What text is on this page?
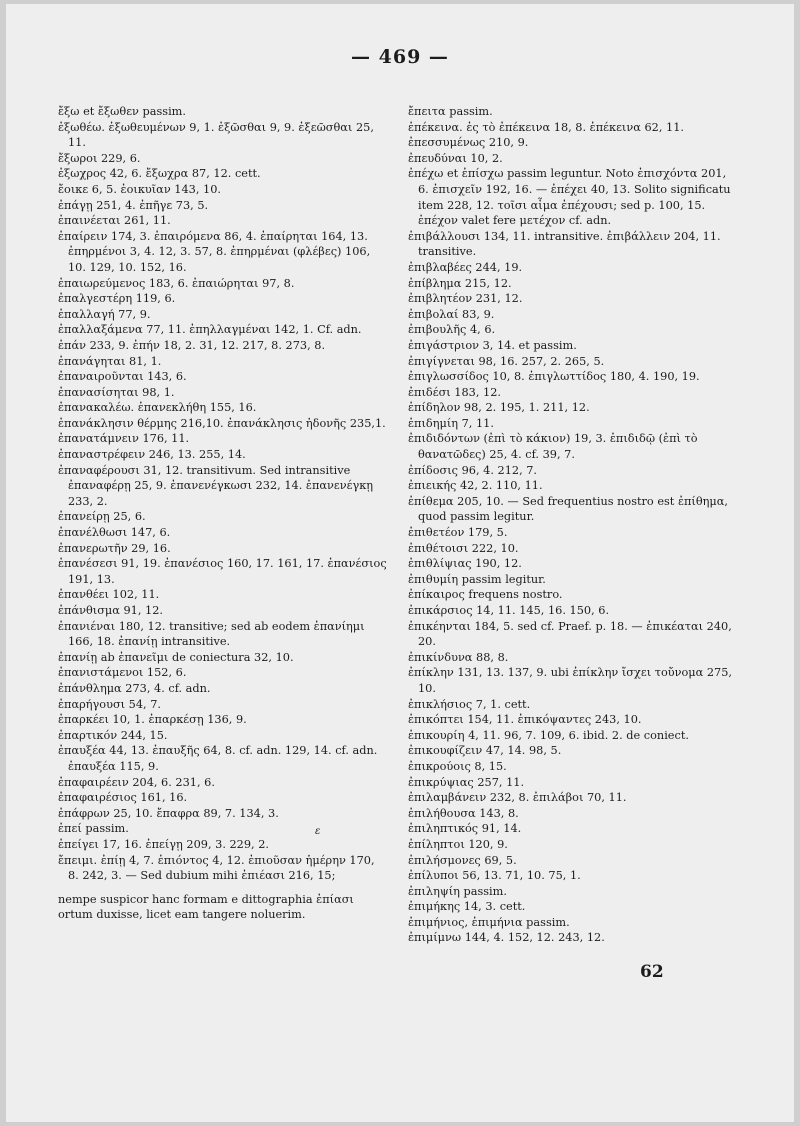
— 469 —
ἔξω et ἔξωθεν passim.
ἐξωθέω. ἐξωθευμένων 9, 1. ἐξῶσθαι 9, 9. ἐξεῶσθαι 25, 11.
ἔξωροι 229, 6.
ἐξωχρος 42, 6. ἔξωχρα 87, 12. cett.
ἔοικε 6, 5. ἐοικυῖαν 143, 10.
ἐπάγῃ 251, 4. ἐπῆγε 73, 5.
ἐπαινέεται 261, 11.
ἐπαίρειν 174, 3. ἐπαιρόμενα 86, 4. ἐπαίρηται 164, 13. ἐπηρμένοι 3, 4. 12, 3. 57, 8. ἐπηρμέναι (φλέβες) 106, 10. 129, 10. 152, 16.
ἐπαιωρεύμενος 183, 6. ἐπαιώρηται 97, 8.
ἐπαλγεστέρη 119, 6.
ἐπαλλαγή 77, 9.
ἐπαλλαξάμενα 77, 11. ἐπηλλαγμέναι 142, 1. Cf. adn.
ἐπάν 233, 9. ἐπήν 18, 2. 31, 12. 217, 8. 273, 8.
ἐπανάγηται 81, 1.
ἐπαναιροῦνται 143, 6.
ἐπανασίσηται 98, 1.
ἐπανακαλέω. ἐπανεκλήθη 155, 16.
ἐπανάκλησιν θέρμης 216,10. ἐπανάκλησις ἡδονῆς 235,1.
ἐπανατάμνειν 176, 11.
ἐπαναστρέφειν 246, 13. 255, 14.
ἐπαναφέρουσι 31, 12. transitivum. Sed intransitive ἐπαναφέρῃ 25, 9. ἐπανενέγκωσι 232, 14. ἐπανενέγκῃ 233, 2.
ἐπανείρῃ 25, 6.
ἐπανέλθωσι 147, 6.
ἐπανερωτῆν 29, 16.
ἐπανέσεσι 91, 19. ἐπανέσιος 160, 17. 161, 17. ἐπανέσιος 191, 13.
ἐπανθέει 102, 11.
ἐπάνθισμα 91, 12.
ἐπανιέναι 180, 12. transitive; sed ab eodem ἐπανίημι 166, 18. ἐπανίῃ intransitive.
ἐπανίῃ ab ἐπανεῖμι de coniectura 32, 10.
ἐπανιστάμενοι 152, 6.
ἐπάνθλημα 273, 4. cf. adn.
ἐπαρήγουσι 54, 7.
ἐπαρκέει 10, 1. ἐπαρκέσῃ 136, 9.
ἐπαρτικόν 244, 15.
ἐπαυξέα 44, 13. ἐπαυξῆς 64, 8. cf. adn. 129, 14. cf. adn. ἐπαυξέα 115, 9.
ἐπαφαιρέειν 204, 6. 231, 6.
ἐπαφαιρέσιος 161, 16.
ἐπάφρων 25, 10. ἔπαφρα 89, 7. 134, 3.
ἐπεί passim.
ἐπείγει 17, 16. ἐπείγῃ 209, 3. 229, 2.
ἔπειμι. ἐπίῃ 4, 7. ἐπιόντος 4, 12. ἐπιοῦσαν ἡμέρην 170, 8. 242, 3. — Sed dubium mihi ἐπιέασι 216, 15;
nempe suspicor hanc formam e dittographia ἐπίασι ortum duxisse, licet eam tangere noluerim.
ἔπειτα passim.
ἐπέκεινα. ἐς τὸ ἐπέκεινα 18, 8. ἐπέκεινα 62, 11.
ἐπεσσυμένως 210, 9.
ἐπευδύναι 10, 2.
ἐπέχω et ἐπίσχω passim leguntur. Noto ἐπισχόντα 201, 6. ἐπισχεῖν 192, 16. — ἐπέχει 40, 13. Solito significatu item 228, 12. τοῖσι αἷμα ἐπέχουσι; sed p. 100, 15. ἐπέχον valet fere μετέχον cf. adn.
ἐπιβάλλουσι 134, 11. intransitive. ἐπιβάλλειν 204, 11. transitive.
ἐπιβλαβέες 244, 19.
ἐπίβλημα 215, 12.
ἐπιβλητέον 231, 12.
ἐπιβολαί 83, 9.
ἐπιβουλῆς 4, 6.
ἐπιγάστριον 3, 14. et passim.
ἐπιγίγνεται 98, 16. 257, 2. 265, 5.
ἐπιγλωσσίδος 10, 8. ἐπιγλωττίδος 180, 4. 190, 19.
ἐπιδέσι 183, 12.
ἐπίδηλον 98, 2. 195, 1. 211, 12.
ἐπιδημίη 7, 11.
ἐπιδιδόντων (ἐπὶ τὸ κάκιον) 19, 3. ἐπιδιδῷ (ἐπὶ τὸ θανατῶδες) 25, 4. cf. 39, 7.
ἐπίδοσις 96, 4. 212, 7.
ἐπιεικής 42, 2. 110, 11.
ἐπίθεμα 205, 10. — Sed frequentius nostro est ἐπίθημα, quod passim legitur.
ἐπιθετέον 179, 5.
ἐπιθέτοισι 222, 10.
ἐπιθλίψιας 190, 12.
ἐπιθυμίη passim legitur.
ἐπίκαιρος frequens nostro.
ἐπικάρσιος 14, 11. 145, 16. 150, 6.
ἐπικέηνται 184, 5. sed cf. Praef. p. 18. — ἐπικέαται 240, 20.
ἐπικίνδυνα 88, 8.
ἐπίκλην 131, 13. 137, 9. ubi ἐπίκλην ἴσχει τοὔνομα 275, 10.
ἐπικλήσιος 7, 1. cett.
ἐπικόπτει 154, 11. ἐπικόψαντες 243, 10.
ἐπικουρίη 4, 11. 96, 7. 109, 6. ibid. 2. de coniect.
ἐπικουφίζειν 47, 14. 98, 5.
ἐπικρούοις 8, 15.
ἐπικρύψιας 257, 11.
ἐπιλαμβάνειν 232, 8. ἐπιλάβοι 70, 11.
ἐπιλήθουσα 143, 8.
ἐπιληπτικός 91, 14.
ἐπίληπτοι 120, 9.
ἐπιλήσμονες 69, 5.
ἐπίλυποι 56, 13. 71, 10. 75, 1.
ἐπιληψίη passim.
ἐπιμήκης 14, 3. cett.
ἐπιμήνιος, ἐπιμήνια passim.
ἐπιμίμνω 144, 4. 152, 12. 243, 12.
ε
62
